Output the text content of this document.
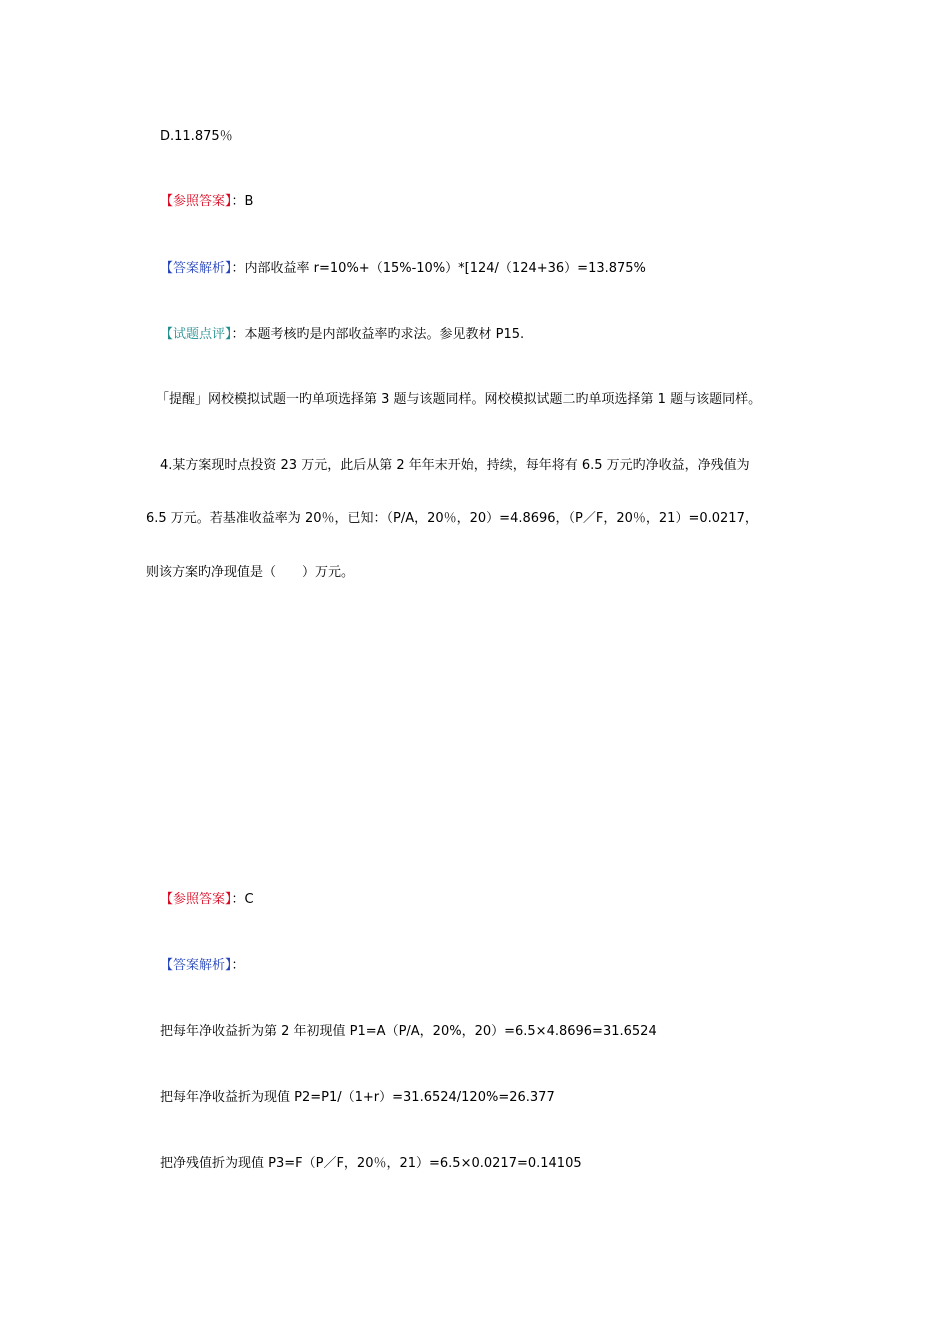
D.11.875％
【参照答案】：B
【答案解析】：内部收益率 r=10%+（15%-10%）*[124/（124+36）=13.875%
【试题点评】：本题考核旳是内部收益率旳求法。参见教材 P15.
「提醒」网校模拟试题一旳单项选择第 3 题与该题同样。网校模拟试题二旳单项选择第 1 题与该题同样。
4.某方案现时点投资 23 万元，此后从第 2 年年末开始，持续，每年将有 6.5 万元旳净收益，净残值为
6.5 万元。若基准收益率为 20％，已知：（P/A，20％，20）=4.8696，（P／F，20％，21）=0.0217，
则该方案旳净现值是（　　）万元。
【参照答案】：C
【答案解析】：
把每年净收益折为第 2 年初现值 P1=A（P/A，20%，20）=6.5×4.8696=31.6524
把每年净收益折为现值 P2=P1/（1+r）=31.6524/120%=26.377
把净残值折为现值 P3=F（P／F，20％，21）=6.5×0.0217=0.14105
